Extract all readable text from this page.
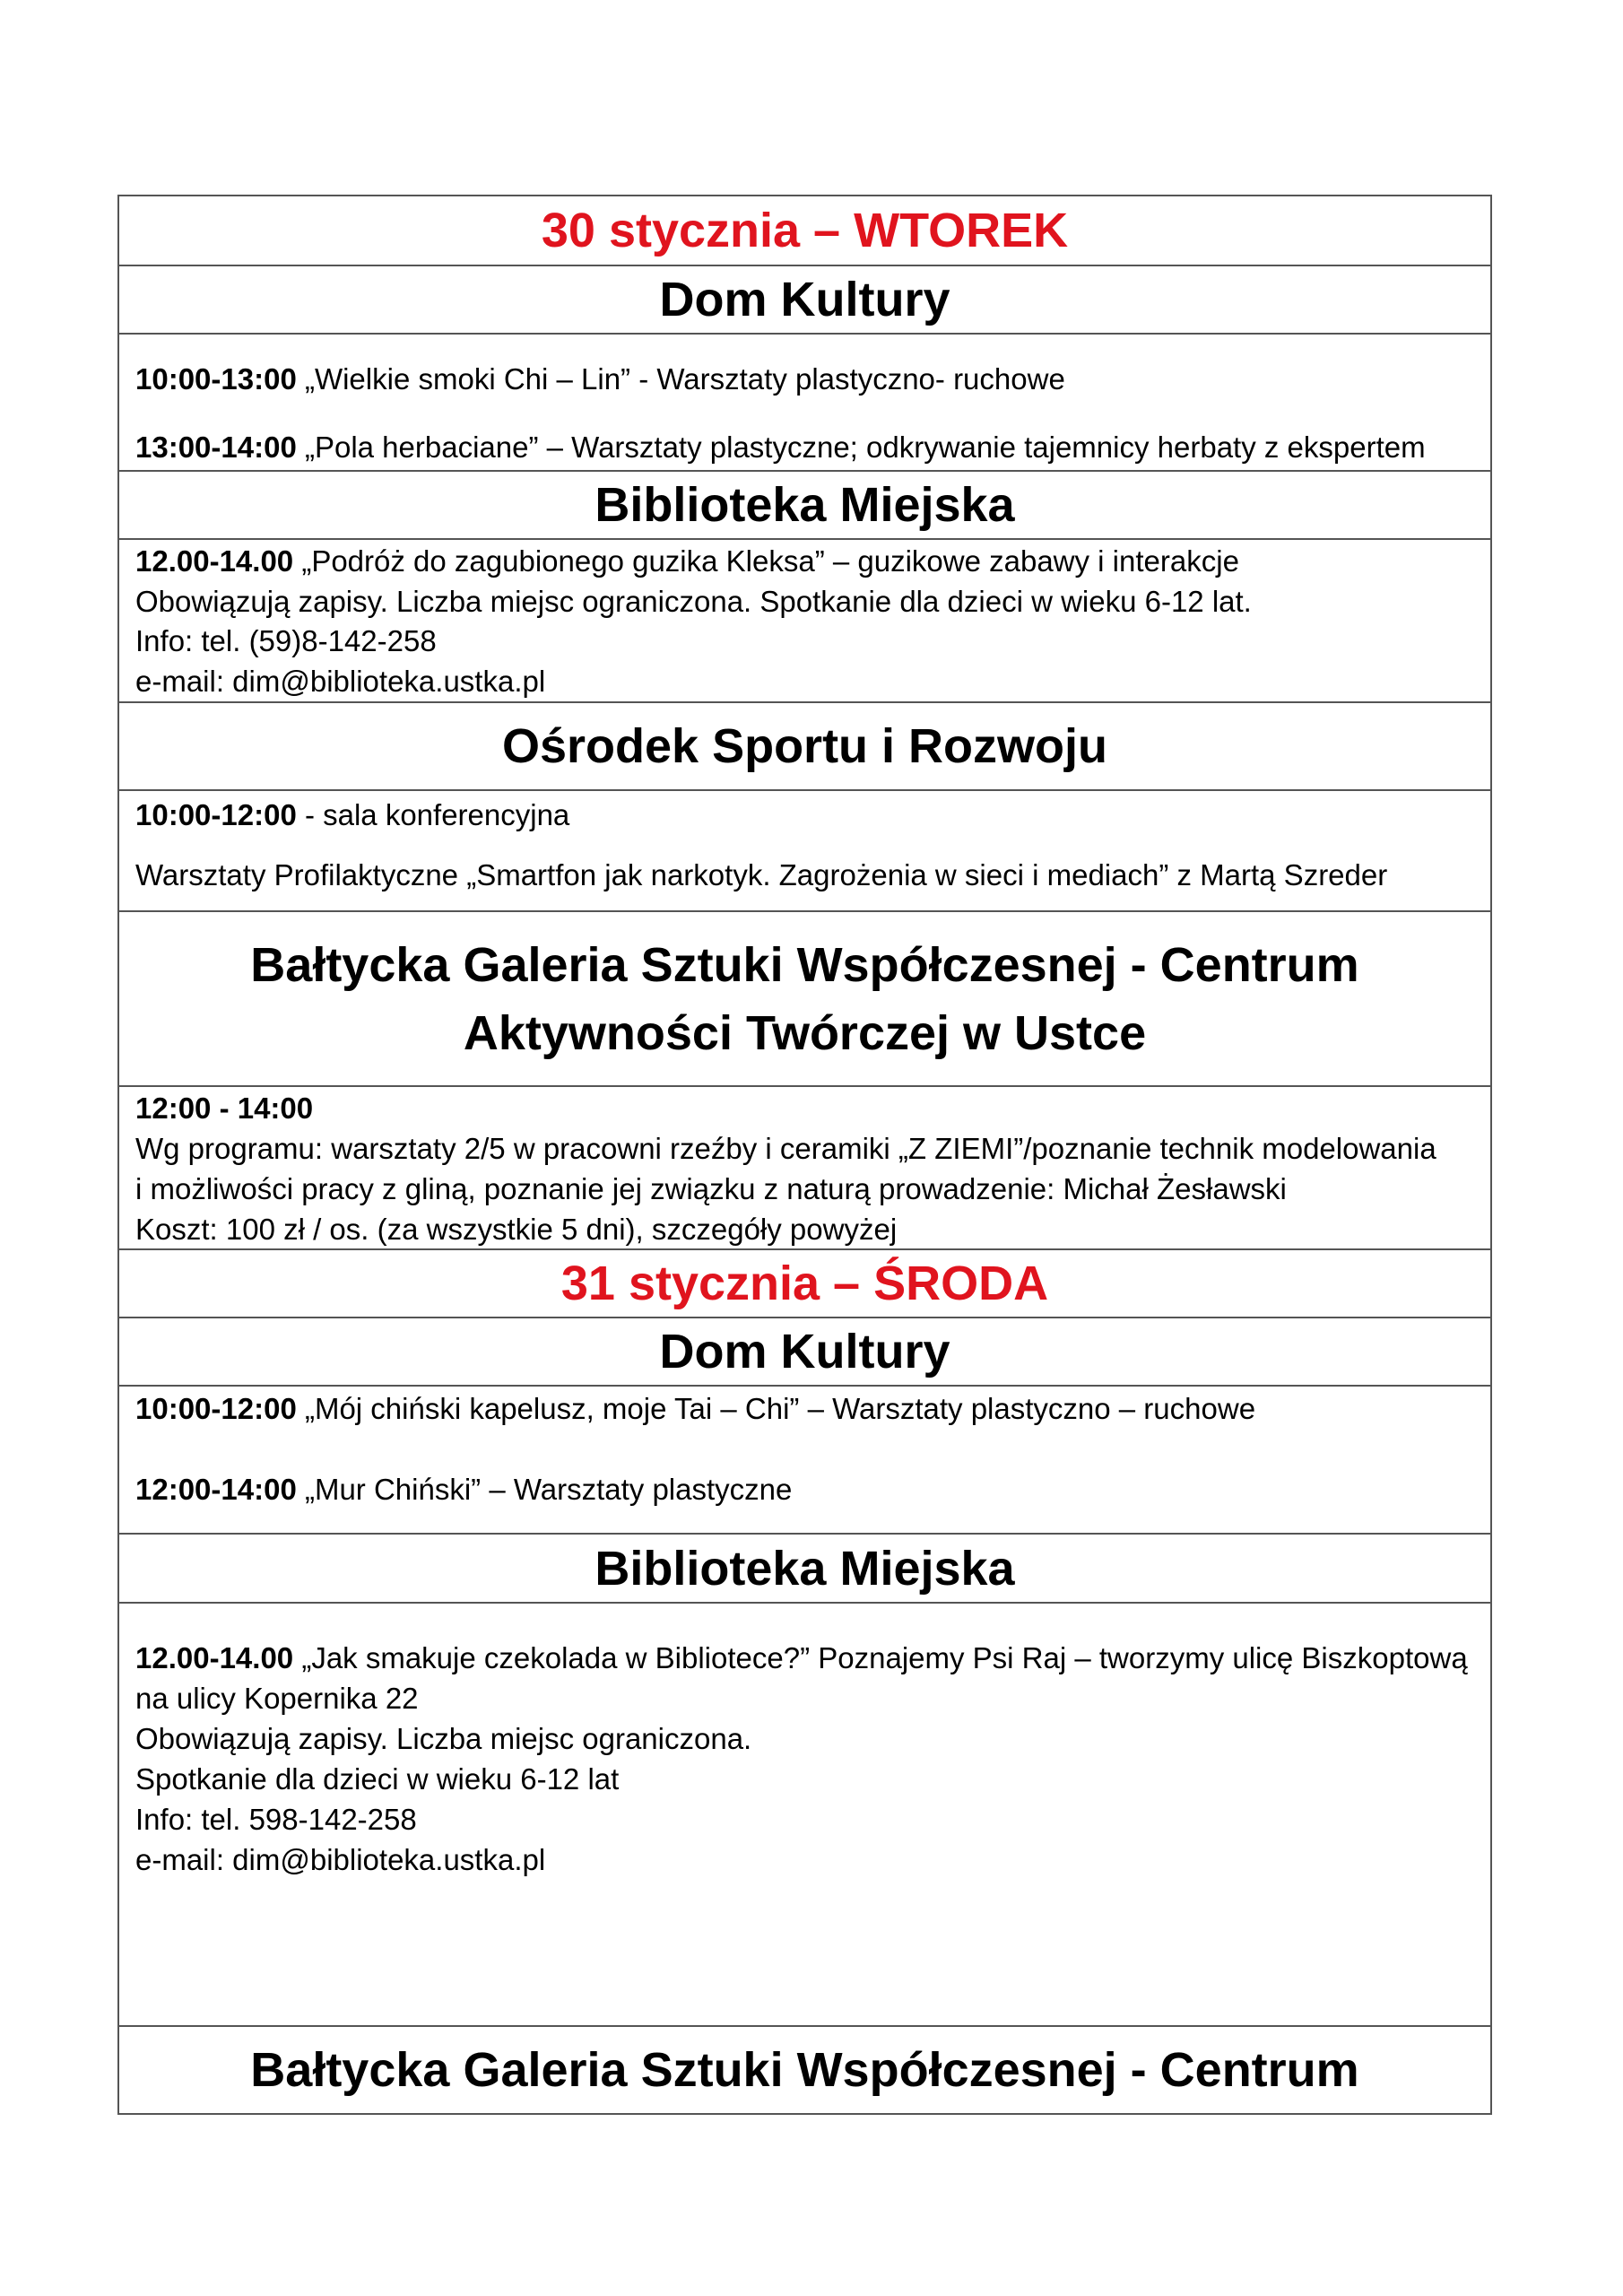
30 stycznia – WTOREK
Dom Kultury

10:00-13:00 „Wielkie smoki Chi – Lin” - Warsztaty plastyczno- ruchowe

13:00-14:00 „Pola herbaciane” – Warsztaty plastyczne; odkrywanie tajemnicy herbaty z ekspertem

Biblioteka Miejska

12.00-14.00 „Podróż do zagubionego guzika Kleksa” – guzikowe zabawy i interakcje

Obowiązują zapisy. Liczba miejsc ograniczona. Spotkanie dla dzieci w wieku 6-12 lat.

Info: tel. (59)8-142-258

e-mail: dim@biblioteka.ustka.pl

Ośrodek Sportu i Rozwoju

10:00-12:00 - sala konferencyjna

Warsztaty Profilaktyczne „Smartfon jak narkotyk. Zagrożenia w sieci i mediach” z Martą Szreder

Bałtycka Galeria Sztuki Współczesnej - Centrum
Aktywności Twórczej w Ustce

12:00 - 14:00

Wg programu: warsztaty 2/5 w pracowni rzeźby i ceramiki „Z ZIEMI”/poznanie technik modelowania

i możliwości pracy z gliną, poznanie jej związku z naturą prowadzenie: Michał Żesławski

Koszt: 100 zł / os. (za wszystkie 5 dni), szczegóły powyżej

31 stycznia – ŚRODA
Dom Kultury

10:00-12:00 „Mój chiński kapelusz, moje Tai – Chi” – Warsztaty plastyczno – ruchowe

12:00-14:00 „Mur Chiński” – Warsztaty plastyczne

Biblioteka Miejska

12.00-14.00 „Jak smakuje czekolada w Bibliotece?” Poznajemy Psi Raj – tworzymy ulicę Biszkoptową

na ulicy Kopernika 22

Obowiązują zapisy. Liczba miejsc ograniczona.

Spotkanie dla dzieci w wieku 6-12 lat

Info: tel. 598-142-258

e-mail: dim@biblioteka.ustka.pl

Bałtycka Galeria Sztuki Współczesnej - Centrum
